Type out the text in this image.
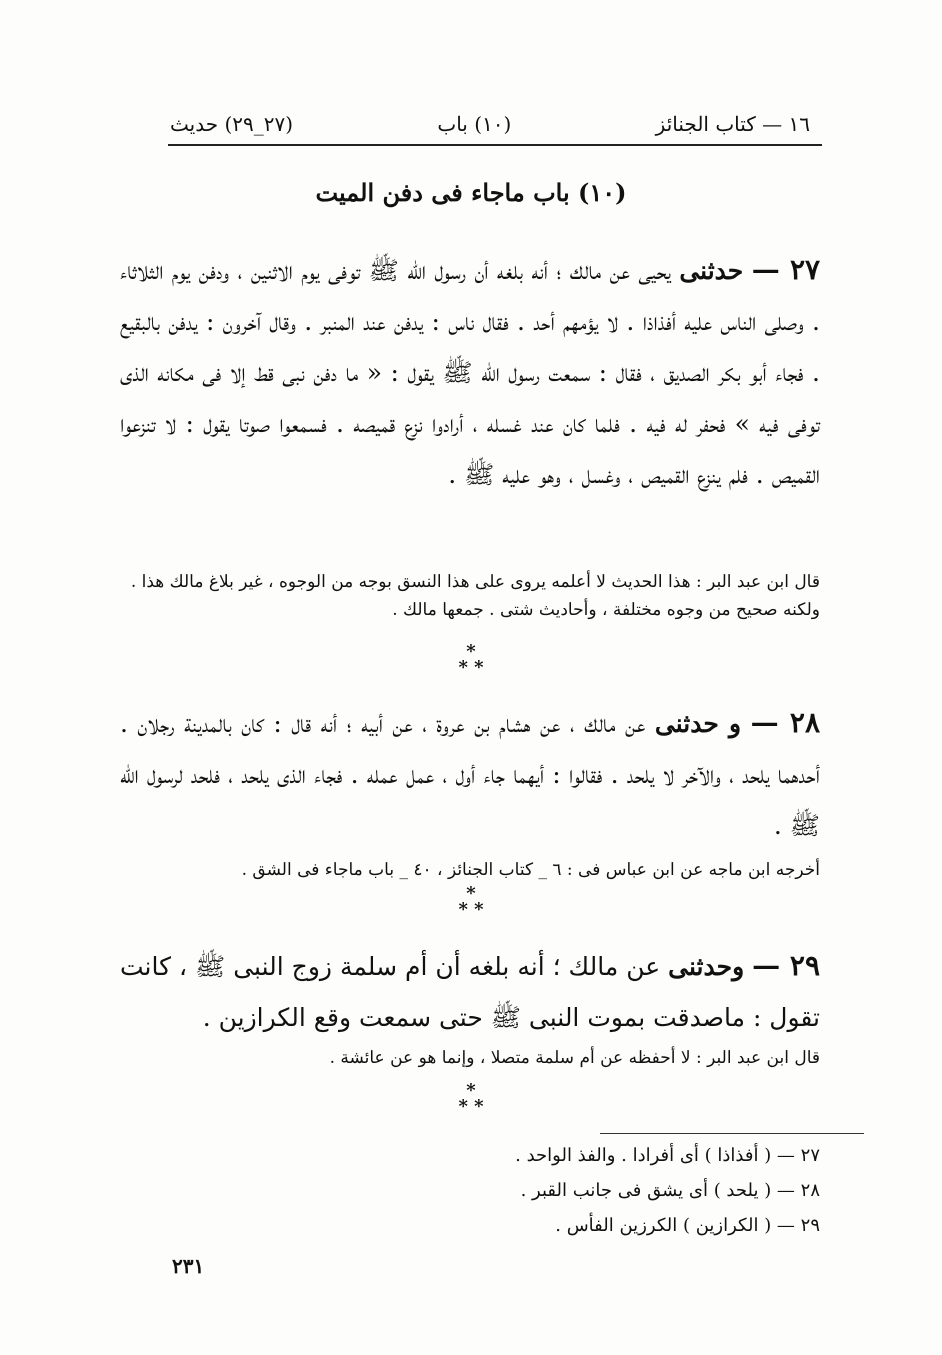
١٦ — كتاب الجنائز
(١٠) باب
(٢٧_٢٩) حديث
(١٠) باب ماجاء فى دفن الميت
٢٧ — حدثنى يحيى عن مالك ؛ أنه بلغه أن رسول الله ﷺ توفى يوم الاثنين ، ودفن يوم الثلاثاء . وصلى الناس عليه أفذاذا . لا يؤمهم أحد . فقال ناس : يدفن عند المنبر . وقال آخرون : يدفن بالبقيع . فجاء أبو بكر الصديق ، فقال : سمعت رسول الله ﷺ يقول : « ما دفن نبى قط إلا فى مكانه الذى توفى فيه » فحفر له فيه . فلما كان عند غسله ، أرادوا نزع قميصه . فسمعوا صوتا يقول : لا تنزعوا القميص . فلم ينزع القميص ، وغسل ، وهو عليه ﷺ .
قال ابن عبد البر : هذا الحديث لا أعلمه يروى على هذا النسق بوجه من الوجوه ، غير بلاغ مالك هذا . ولكنه صحيح من وجوه مختلفة ، وأحاديث شتى . جمعها مالك .
*
* *
٢٨ — و حدثنى عن مالك ، عن هشام بن عروة ، عن أبيه ؛ أنه قال : كان بالمدينة رجلان . أحدهما يلحد ، والآخر لا يلحد . فقالوا : أيهما جاء أول ، عمل عمله . فجاء الذى يلحد ، فلحد لرسول الله ﷺ .
أخرجه ابن ماجه عن ابن عباس فى : ٦ _ كتاب الجنائز ، ٤٠ _ باب ماجاء فى الشق .
*
* *
٢٩ — وحدثنى عن مالك ؛ أنه بلغه أن أم سلمة زوج النبى ﷺ ، كانت تقول : ماصدقت بموت النبى ﷺ حتى سمعت وقع الكرازين .
قال ابن عبد البر : لا أحفظه عن أم سلمة متصلا ، وإنما هو عن عائشة .
*
* *
٢٧ — ( أفذاذا ) أى أفرادا . والفذ الواحد .
٢٨ — ( يلحد ) أى يشق فى جانب القبر .
٢٩ — ( الكرازين ) الكرزين الفأس .
٢٣١
